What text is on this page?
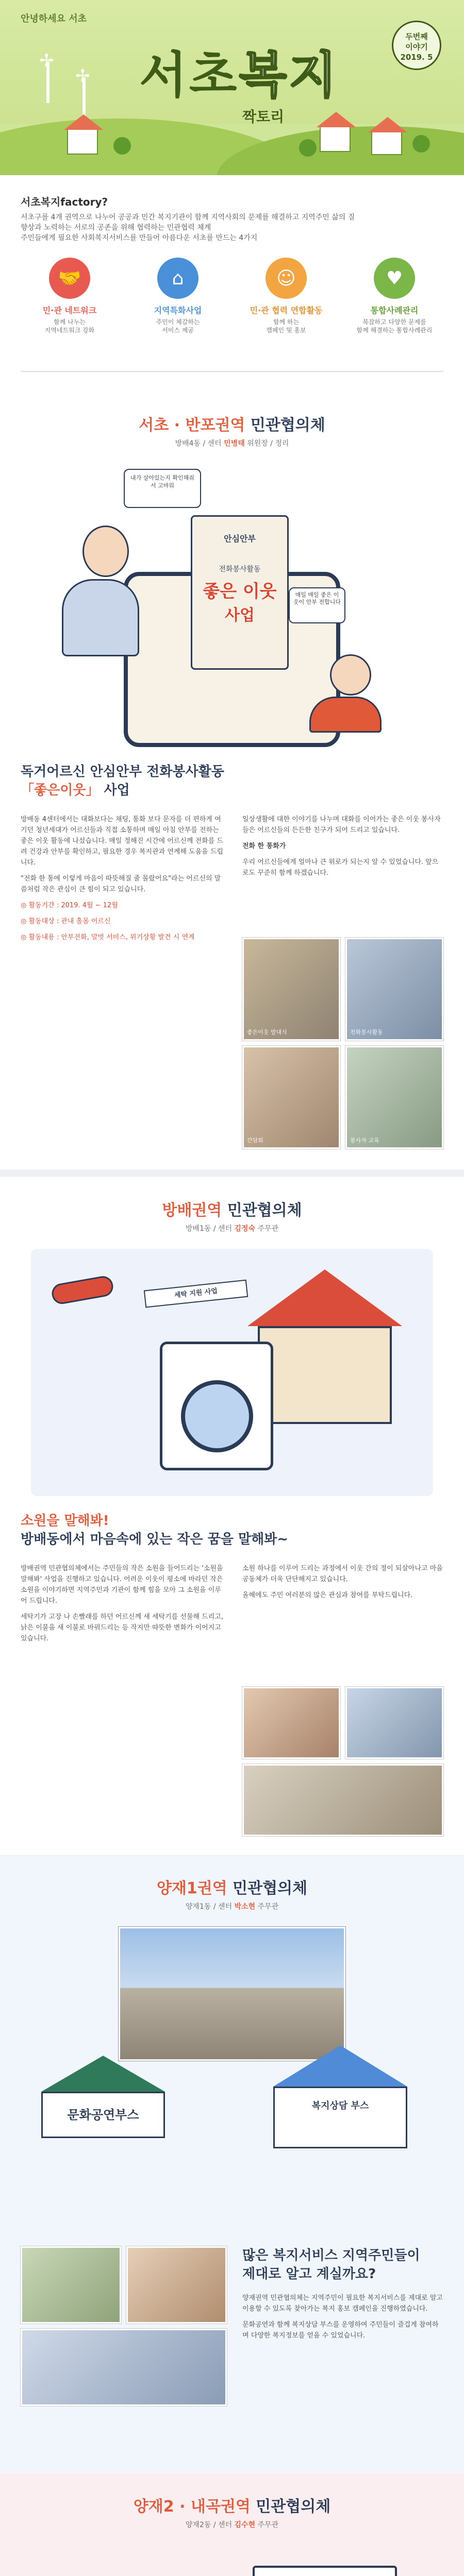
✢
✢
안녕하세요 서초
서초복지
짝토리
두번째
이야기
2019. 5
서초복지factory?
서초구를 4개 권역으로 나누어 공공과 민간 복지기관이 함께 지역사회의 문제를 해결하고 지역주민 삶의 질
향상과 노력하는 서로의 공존을 위해 협력하는 민관협력 체계
주민들에게 필요한 사회복지서비스를 만들어 아름다운 서초를 만드는 4가지
🤝
민·관 네트워크
함께 나누는
지역네트워크 강화
⌂
지역특화사업
주민이 체감하는
서비스 제공
☺
민·관 협력 연합활동
함께 하는
캠페인 및 홍보
♥
통합사례관리
복잡하고 다양한 문제를
함께 해결하는 통합사례관리
서초 · 반포권역 민관협의체
방배4동 / 센터 민병태 위원장 / 정리
내가 살아있는지 확인해줘서 고마워
안심안부
전화봉사활동
좋은 이웃
사업
매일 매일 좋은 이웃이 안부 전합니다
독거어르신 안심안부 전화봉사활동
「좋은이웃」 사업

방배동 4센터에서는 대화보다는 채팅, 통화 보다 문자를 더 편하게 여기던 청년세대가 어르신들과 직접 소통하며 매일 아침 안부를 전하는 좋은 이웃 활동에 나섰습니다. 매일 정해진 시간에 어르신께 전화를 드려 건강과 안부를 확인하고, 필요한 경우 복지관과 연계해 도움을 드립니다.

"전화 한 통에 이렇게 마음이 따뜻해질 줄 몰랐어요"라는 어르신의 말씀처럼 작은 관심이 큰 힘이 되고 있습니다.

◎ 활동기간 : 2019. 4월 ~ 12월

◎ 활동대상 : 관내 홀몸 어르신

◎ 활동내용 : 안부전화, 말벗 서비스, 위기상황 발견 시 연계

일상생활에 대한 이야기를 나누며 대화를 이어가는 좋은 이웃 봉사자들은 어르신들의 든든한 친구가 되어 드리고 있습니다.

전화 한 통화가

우리 어르신들에게 얼마나 큰 위로가 되는지 알 수 있었습니다. 앞으로도 꾸준히 함께 하겠습니다.

좋은이웃 발대식	전화봉사활동
간담회	봉사자 교육
방배권역 민관협의체
방배1동 / 센터 김정숙 주무관
세탁 지원 사업
소원을 말해봐!
방배동에서 마음속에 있는 작은 꿈을 말해봐~

방배권역 민관협의체에서는 주민들의 작은 소원을 들어드리는 '소원을 말해봐' 사업을 진행하고 있습니다. 어려운 이웃이 평소에 바라던 작은 소원을 이야기하면 지역주민과 기관이 함께 힘을 모아 그 소원을 이루어 드립니다.

세탁기가 고장 나 손빨래를 하던 어르신께 새 세탁기를 선물해 드리고, 낡은 이불을 새 이불로 바꿔드리는 등 작지만 따뜻한 변화가 이어지고 있습니다.

소원 하나를 이루어 드리는 과정에서 이웃 간의 정이 되살아나고 마을 공동체가 더욱 단단해지고 있습니다.

올해에도 주민 여러분의 많은 관심과 참여를 부탁드립니다.

양재1권역 민관협의체
양재1동 / 센터 박소현 주무관
문화공연부스
복지상담 부스
많은 복지서비스 지역주민들이
제대로 알고 계실까요?

양재권역 민관협의체는 지역주민이 필요한 복지서비스를 제대로 알고 이용할 수 있도록 찾아가는 복지 홍보 캠페인을 진행하였습니다.

문화공연과 함께 복지상담 부스를 운영하여 주민들이 즐겁게 참여하며 다양한 복지정보를 얻을 수 있었습니다.

양재2 · 내곡권역 민관협의체
양재2동 / 센터 김수현 주무관
